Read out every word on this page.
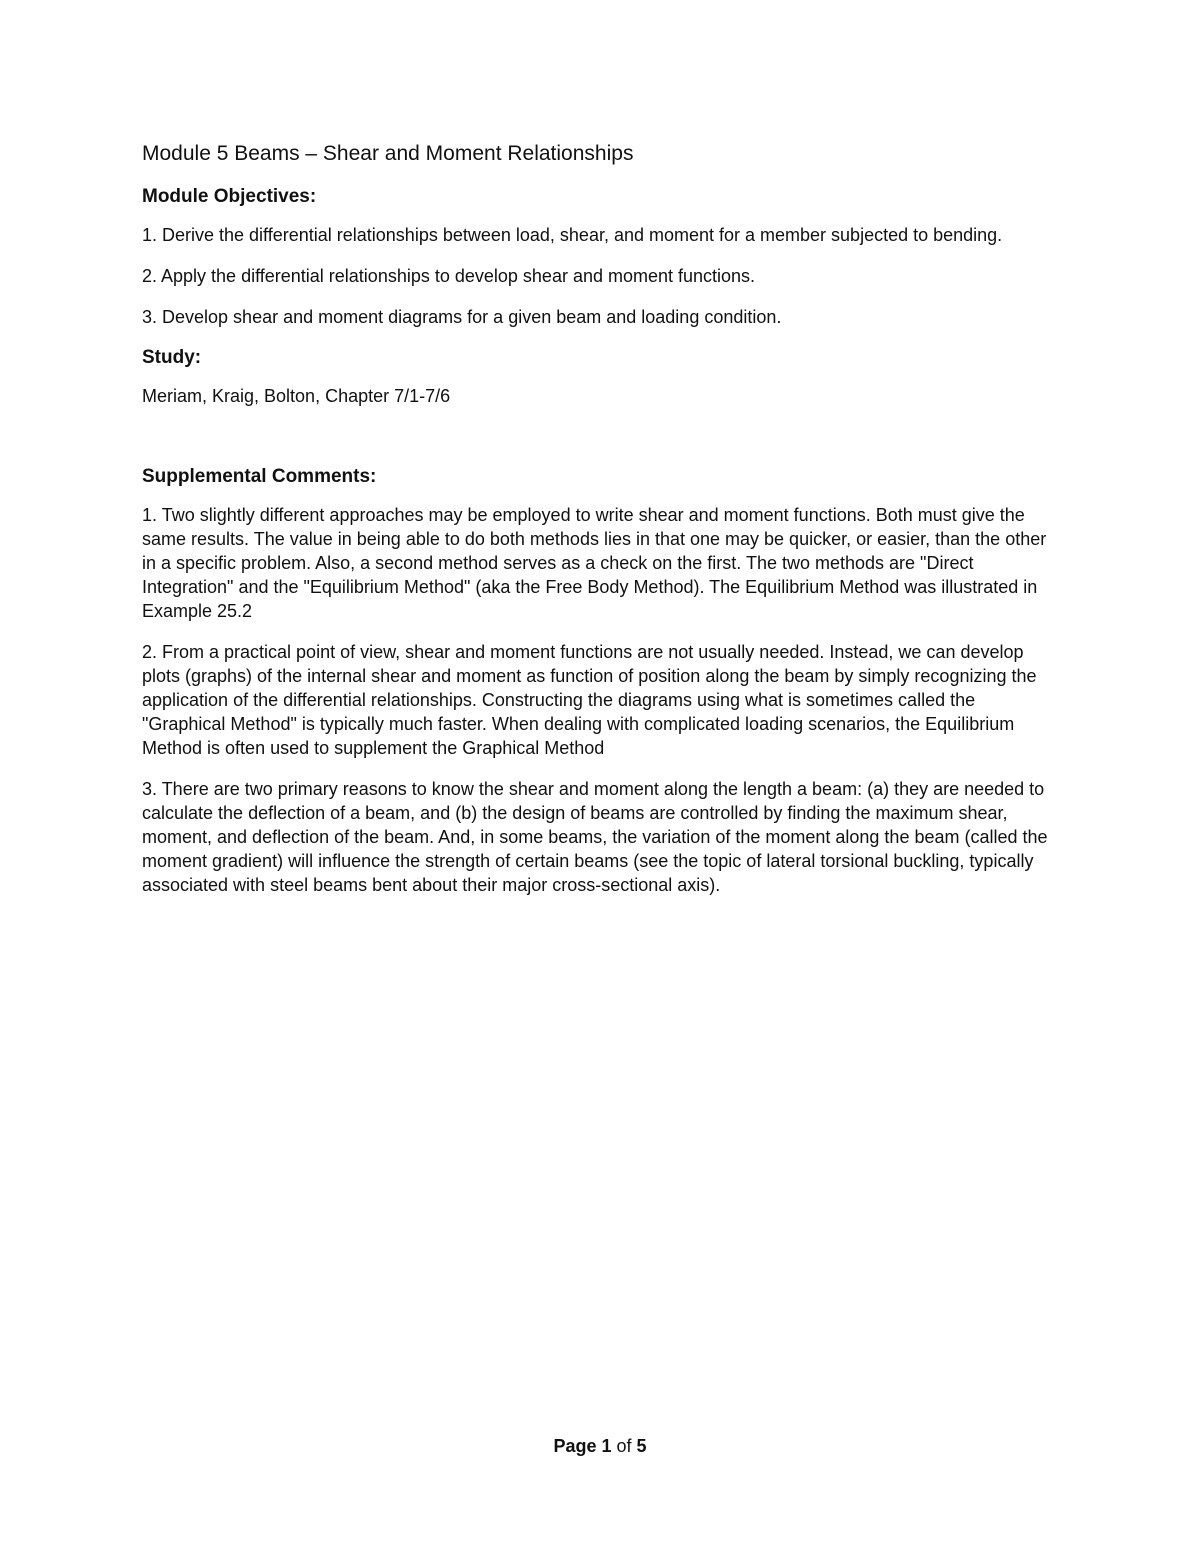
Module 5 Beams – Shear and Moment Relationships
Module Objectives:
1. Derive the differential relationships between load, shear, and moment for a member subjected to bending.
2. Apply the differential relationships to develop shear and moment functions.
3. Develop shear and moment diagrams for a given beam and loading condition.
Study:
Meriam, Kraig, Bolton, Chapter 7/1-7/6
Supplemental Comments:
1. Two slightly different approaches may be employed to write shear and moment functions. Both must give the same results. The value in being able to do both methods lies in that one may be quicker, or easier, than the other in a specific problem. Also, a second method serves as a check on the first. The two methods are "Direct Integration" and the "Equilibrium Method" (aka the Free Body Method). The Equilibrium Method was illustrated in Example 25.2
2. From a practical point of view, shear and moment functions are not usually needed. Instead, we can develop plots (graphs) of the internal shear and moment as function of position along the beam by simply recognizing the application of the differential relationships. Constructing the diagrams using what is sometimes called the "Graphical Method" is typically much faster. When dealing with complicated loading scenarios, the Equilibrium Method is often used to supplement the Graphical Method
3. There are two primary reasons to know the shear and moment along the length a beam: (a) they are needed to calculate the deflection of a beam, and (b) the design of beams are controlled by finding the maximum shear, moment, and deflection of the beam. And, in some beams, the variation of the moment along the beam (called the moment gradient) will influence the strength of certain beams (see the topic of lateral torsional buckling, typically associated with steel beams bent about their major cross-sectional axis).
Page 1 of 5
